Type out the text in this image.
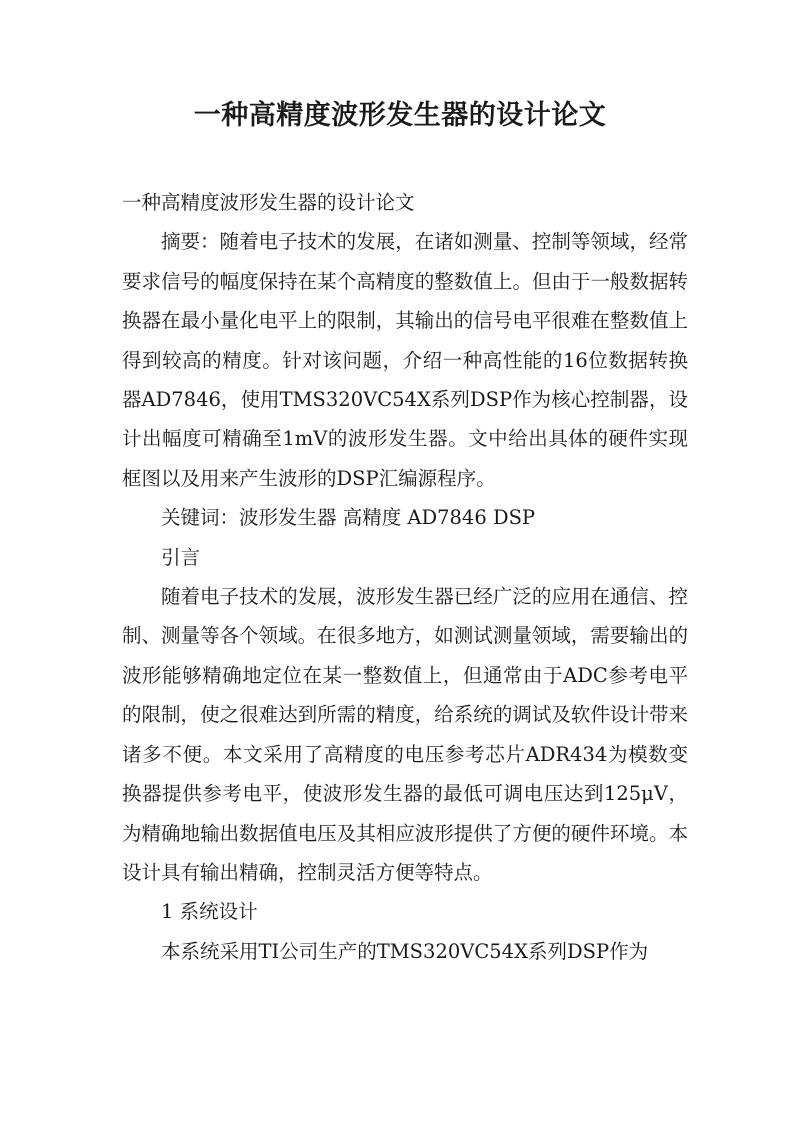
一种高精度波形发生器的设计论文

一种高精度波形发生器的设计论文

摘要：随着电子技术的发展，在诸如测量、控制等领域，经常要求信号的幅度保持在某个高精度的整数值上。但由于一般数据转换器在最小量化电平上的限制，其输出的信号电平很难在整数值上得到较高的精度。针对该问题，介绍一种高性能的16位数据转换器AD7846，使用TMS320VC54X系列DSP作为核心控制器，设计出幅度可精确至1mV的波形发生器。文中给出具体的硬件实现框图以及用来产生波形的DSP汇编源程序。

关键词：波形发生器 高精度 AD7846 DSP

引言

随着电子技术的发展，波形发生器已经广泛的应用在通信、控制、测量等各个领域。在很多地方，如测试测量领域，需要输出的波形能够精确地定位在某一整数值上，但通常由于ADC参考电平的限制，使之很难达到所需的精度，给系统的调试及软件设计带来诸多不便。本文采用了高精度的电压参考芯片ADR434为模数变换器提供参考电平，使波形发生器的最低可调电压达到125μV，为精确地输出数据值电压及其相应波形提供了方便的硬件环境。本设计具有输出精确，控制灵活方便等特点。

1 系统设计

本系统采用TI公司生产的TMS320VC54X系列DSP作为
